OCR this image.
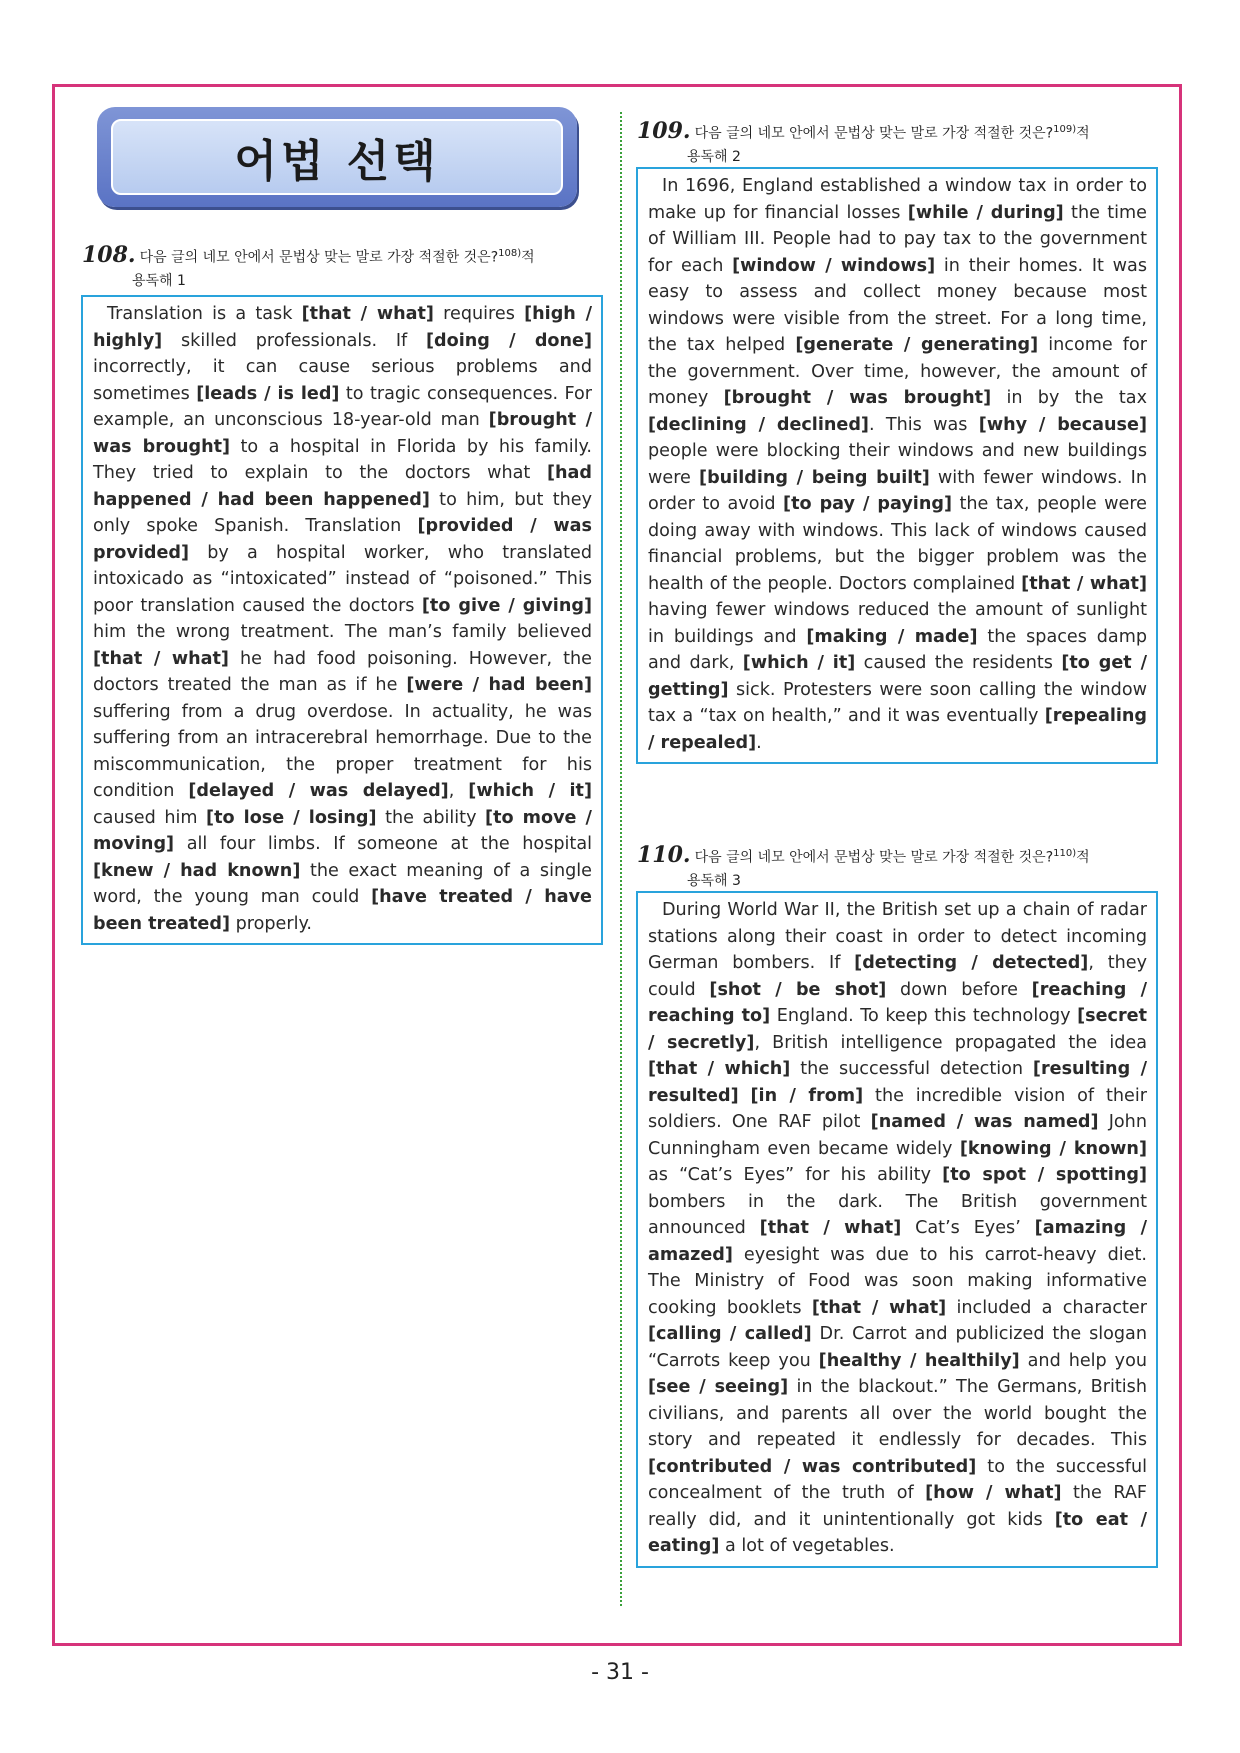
어법 선택
108. 다음 글의 네모 안에서 문법상 맞는 말로 가장 적절한 것은?$^{108)}$적
용독해 1

Translation is a task [that / what] requires [high / highly] skilled professionals. If [doing / done] incorrectly, it can cause serious problems and sometimes [leads / is led] to tragic consequences. For example, an unconscious 18-year-old man [brought / was brought] to a hospital in Florida by his family. They tried to explain to the doctors what [had happened / had been happened] to him, but they only spoke Spanish. Translation [provided / was provided] by a hospital worker, who translated intoxicado as “intoxicated” instead of “poisoned.” This poor translation caused the doctors [to give / giving] him the wrong treatment. The man’s family believed [that / what] he had food poisoning. However, the doctors treated the man as if he [were / had been] suffering from a drug overdose. In actuality, he was suffering from an intracerebral hemorrhage. Due to the miscommunication, the proper treatment for his condition [delayed / was delayed], [which / it] caused him [to lose / losing] the ability [to move / moving] all four limbs. If someone at the hospital [knew / had known] the exact meaning of a single word, the young man could [have treated / have been treated] properly.

109. 다음 글의 네모 안에서 문법상 맞는 말로 가장 적절한 것은?$^{109)}$적
용독해 2

In 1696, England established a window tax in order to make up for financial losses [while / during] the time of William III. People had to pay tax to the government for each [window / windows] in their homes. It was easy to assess and collect money because most windows were visible from the street. For a long time, the tax helped [generate / generating] income for the government. Over time, however, the amount of money [brought / was brought] in by the tax [declining / declined]. This was [why / because] people were blocking their windows and new buildings were [building / being built] with fewer windows. In order to avoid [to pay / paying] the tax, people were doing away with windows. This lack of windows caused financial problems, but the bigger problem was the health of the people. Doctors complained [that / what] having fewer windows reduced the amount of sunlight in buildings and [making / made] the spaces damp and dark, [which / it] caused the residents [to get / getting] sick. Protesters were soon calling the window tax a “tax on health,” and it was eventually [repealing / repealed].

110. 다음 글의 네모 안에서 문법상 맞는 말로 가장 적절한 것은?$^{110)}$적
용독해 3

During World War II, the British set up a chain of radar stations along their coast in order to detect incoming German bombers. If [detecting / detected], they could [shot / be shot] down before [reaching / reaching to] England. To keep this technology [secret / secretly], British intelligence propagated the idea [that / which] the successful detection [resulting / resulted] [in / from] the incredible vision of their soldiers. One RAF pilot [named / was named] John Cunningham even became widely [knowing / known] as “Cat’s Eyes” for his ability [to spot / spotting] bombers in the dark. The British government announced [that / what] Cat’s Eyes’ [amazing / amazed] eyesight was due to his carrot-heavy diet. The Ministry of Food was soon making informative cooking booklets [that / what] included a character [calling / called] Dr. Carrot and publicized the slogan “Carrots keep you [healthy / healthily] and help you [see / seeing] in the blackout.” The Germans, British civilians, and parents all over the world bought the story and repeated it endlessly for decades. This [contributed / was contributed] to the successful concealment of the truth of [how / what] the RAF really did, and it unintentionally got kids [to eat / eating] a lot of vegetables.

- 31 -
